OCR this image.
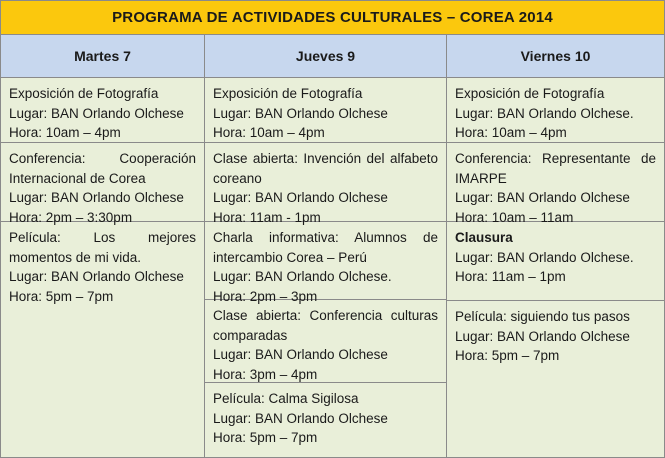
PROGRAMA DE ACTIVIDADES CULTURALES – COREA 2014
Martes 7	Jueves 9	Viernes 10

Exposición de Fotografía

Lugar: BAN Orlando Olchese

Hora: 10am – 4pm

Conferencia: Cooperación Internacional de Corea

Lugar: BAN Orlando Olchese

Hora: 2pm – 3:30pm

Película: Los mejores momentos de mi vida.

Lugar: BAN Orlando Olchese

Hora: 5pm – 7pm

Exposición de Fotografía

Lugar: BAN Orlando Olchese

Hora: 10am – 4pm

Clase abierta: Invención del alfabeto coreano

Lugar: BAN Orlando Olchese

Hora: 11am - 1pm

Charla informativa: Alumnos de intercambio Corea – Perú

Lugar: BAN Orlando Olchese.

Hora: 2pm – 3pm

Clase abierta: Conferencia culturas comparadas

Lugar: BAN Orlando Olchese

Hora: 3pm – 4pm

Película: Calma Sigilosa

Lugar: BAN Orlando Olchese

Hora: 5pm – 7pm

Exposición de Fotografía

Lugar: BAN Orlando Olchese.

Hora: 10am – 4pm

Conferencia: Representante de IMARPE

Lugar: BAN Orlando Olchese

Hora: 10am – 11am

Clausura

Lugar: BAN Orlando Olchese.

Hora: 11am – 1pm

Película: siguiendo tus pasos

Lugar: BAN Orlando Olchese

Hora: 5pm – 7pm
